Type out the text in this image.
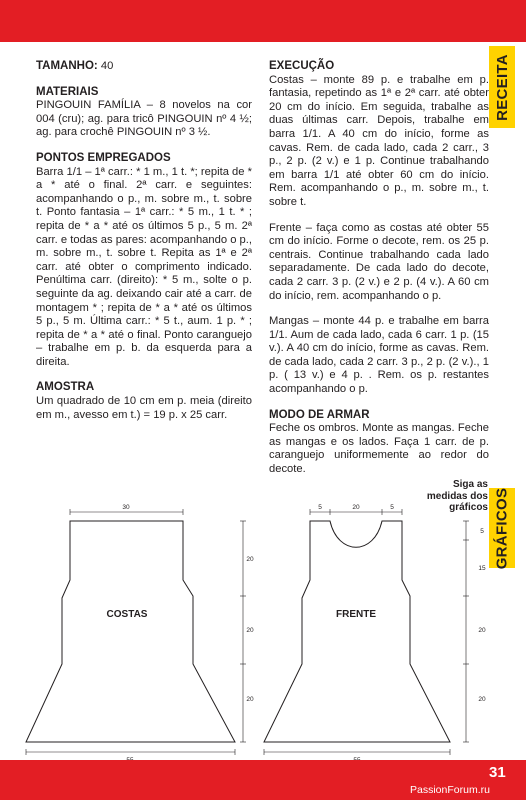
RECEITA
GRÁFICOS
TAMANHO: 40
MATERIAIS
PINGOUIN FAMÍLIA – 8 novelos na cor 004 (cru); ag. para tricô PINGOUIN nº 4 ½; ag. para crochê PINGOUIN nº 3 ½.
PONTOS EMPREGADOS
Barra 1/1 – 1ª carr.: * 1 m., 1 t. *; repita de * a * até o final. 2ª carr. e seguintes: acompanhando o p., m. sobre m., t. sobre t. Ponto fantasia – 1ª carr.: * 5 m., 1 t. * ; repita de * a * até os últimos 5 p., 5 m. 2ª carr. e todas as pares: acompanhando o p., m. sobre m., t. sobre t. Repita as 1ª e 2ª carr. até obter o comprimento indicado. Penúltima carr. (direito): * 5 m., solte o p. seguinte da ag. deixando cair até a carr. de montagem * ; repita de * a * até os últimos 5 p., 5 m. Última carr.: * 5 t., aum. 1 p. * ; repita de * a * até o final. Ponto caranguejo – trabalhe em p. b. da esquerda para a direita.
AMOSTRA
Um quadrado de 10 cm em p. meia (direito em m., avesso em t.) = 19 p. x 25 carr.
EXECUÇÃO
Costas – monte 89 p. e trabalhe em p. fantasia, repetindo as 1ª e 2ª carr. até obter 20 cm do início. Em seguida, trabalhe as duas últimas carr. Depois, trabalhe em barra 1/1. A 40 cm do início, forme as cavas. Rem. de cada lado, cada 2 carr., 3 p., 2 p. (2 v.) e 1 p. Continue trabalhando em barra 1/1 até obter 60 cm do início. Rem. acompanhando o p., m. sobre m., t. sobre t.
Frente – faça como as costas até obter 55 cm do início. Forme o decote, rem. os 25 p. centrais. Continue trabalhando cada lado separadamente. De cada lado do decote, cada 2 carr. 3 p. (2 v.) e 2 p. (4 v.). A 60 cm do início, rem. acompanhando o p.
Mangas – monte 44 p. e trabalhe em barra 1/1. Aum de cada lado, cada 6 carr. 1 p. (15 v.). A 40 cm do início, forme as cavas. Rem. de cada lado, cada 2 carr. 3 p., 2 p. (2 v.)., 1 p. ( 13 v.) e 4 p. . Rem. os p. restantes acompanhando o p.
MODO DE ARMAR
Feche os ombros. Monte as mangas. Feche as mangas e os lados. Faça 1 carr. de p. caranguejo uniformemente ao redor do decote.
Siga as
medidas dos
gráficos
30
20
20
20
5	20	5
5
15
20
20
COSTAS	FRENTE
31
PassionForum.ru
